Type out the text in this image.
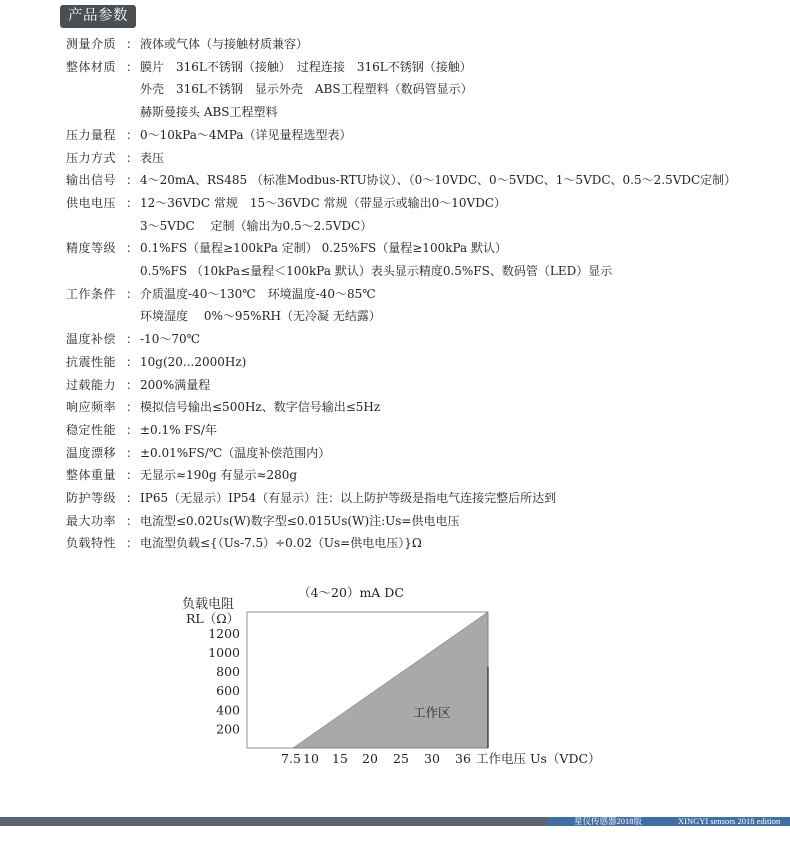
产品参数
测量介质 ： 液体或气体（与接触材质兼容）
整体材质 ： 膜片　316L不锈钢（接触）　过程连接　316L不锈钢（接触）
外壳　316L不锈钢　显示外壳　ABS工程塑料（数码管显示）
赫斯曼接头 ABS工程塑料
压力量程 ： 0～10kPa～4MPa（详见量程选型表）
压力方式 ： 表压
输出信号 ： 4～20mA、RS485 （标准Modbus-RTU协议）、（0～10VDC、0～5VDC、1～5VDC、0.5～2.5VDC定制）
供电电压 ： 12～36VDC 常规　15～36VDC 常规（带显示或输出0～10VDC）
3～5VDC　 定制（输出为0.5～2.5VDC）
精度等级 ： 0.1%FS（量程≥100kPa 定制） 0.25%FS（量程≥100kPa 默认）
0.5%FS （10kPa≤量程＜100kPa 默认）表头显示精度0.5%FS、数码管（LED）显示
工作条件 ： 介质温度-40～130℃　环境温度-40～85℃
环境湿度　 0%～95%RH（无冷凝 无结露）
温度补偿 ： -10～70℃
抗震性能 ： 10g(20...2000Hz)
过载能力 ： 200%满量程
响应频率 ： 模拟信号输出≤500Hz、数字信号输出≤5Hz
稳定性能 ： ±0.1% FS/年
温度漂移 ： ±0.01%FS/℃（温度补偿范围内）
整体重量 ： 无显示≈190g 有显示≈280g
防护等级 ： IP65（无显示）IP54（有显示）注：以上防护等级是指电气连接完整后所达到
最大功率 ： 电流型≤0.02Us(W)数字型≤0.015Us(W)注:Us=供电电压
负载特性 ： 电流型负载≤{（Us-7.5）÷0.02（Us=供电电压）}Ω
（4～20）mA DC
负载电阻
RL（Ω）
工作电压 Us（VDC）
工作区
1200
1000
800
600
400
200
7.5 10 15 20 25 30 36
星仪传感器2018版	XINGYI sensors 2018 edition
